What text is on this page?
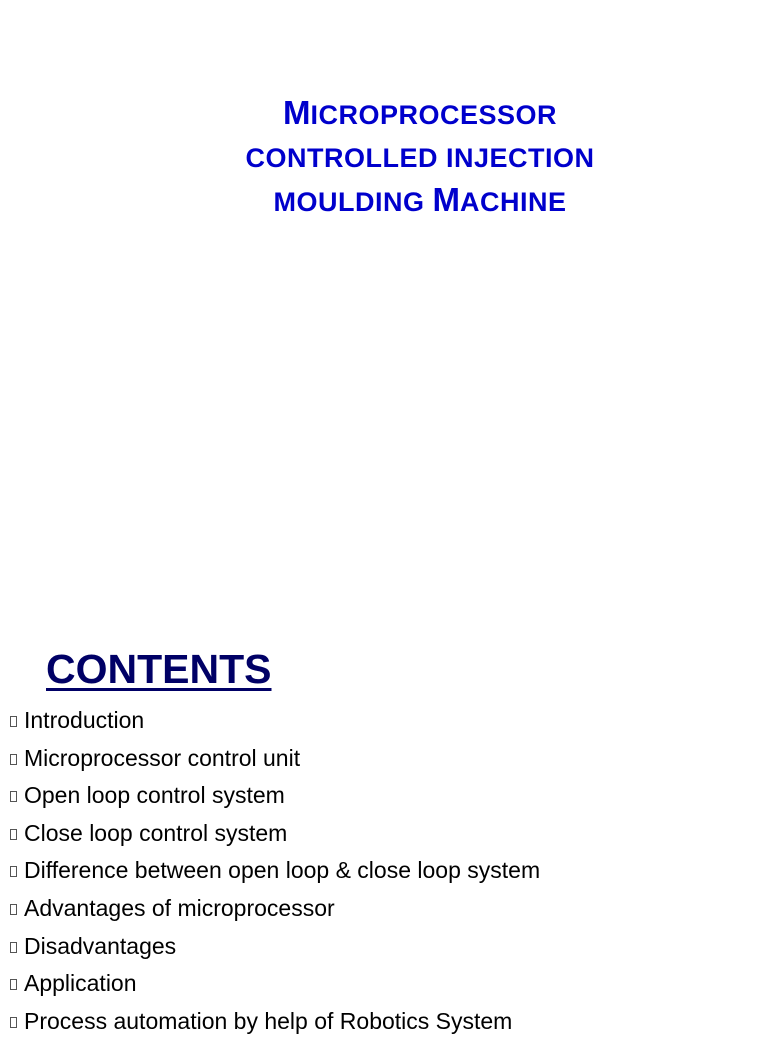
MICROPROCESSOR
CONTROLLED INJECTION
MOULDING MACHINE
CONTENTS
Introduction
Microprocessor control unit
Open loop control system
Close loop control system
Difference between open loop & close loop system
Advantages of microprocessor
Disadvantages
Application
Process automation by help of Robotics System
